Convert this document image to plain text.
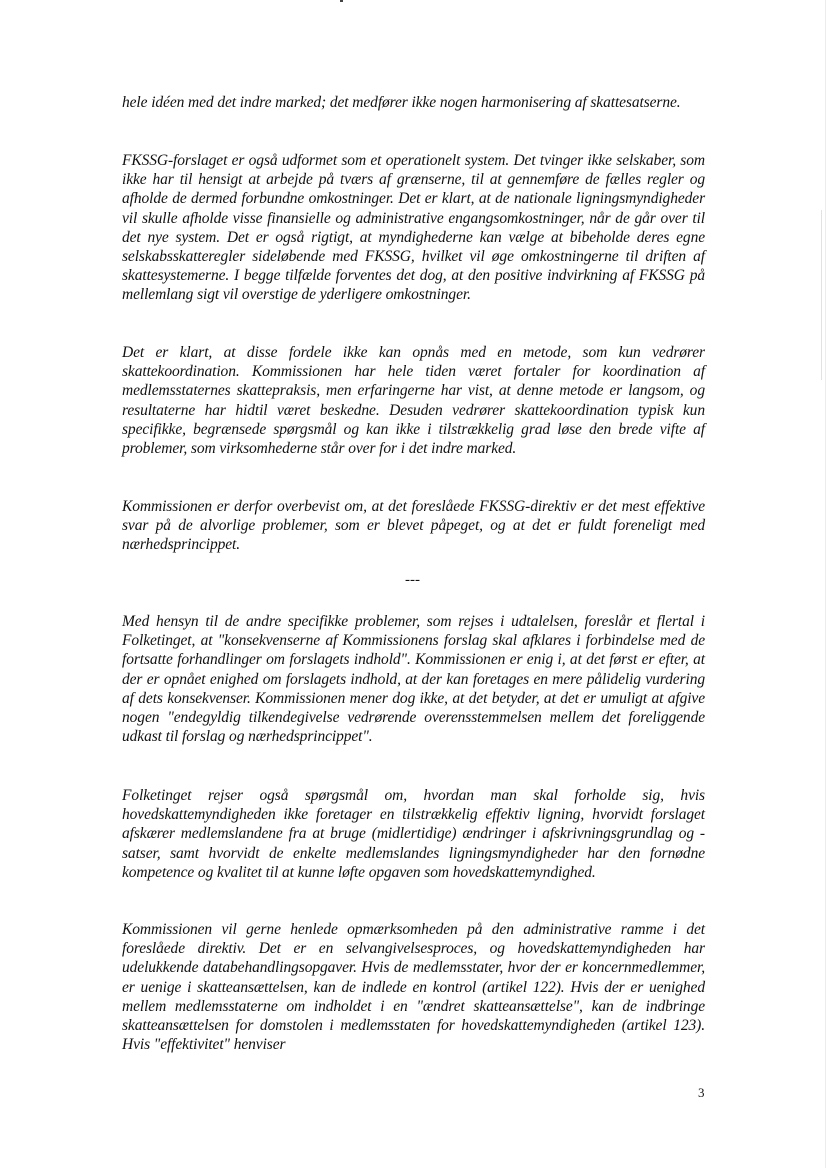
hele idéen med det indre marked; det medfører ikke nogen harmonisering af skattesatserne.

FKSSG-forslaget er også udformet som et operationelt system. Det tvinger ikke selskaber, som ikke har til hensigt at arbejde på tværs af grænserne, til at gennemføre de fælles regler og afholde de dermed forbundne omkostninger. Det er klart, at de nationale ligningsmyndigheder vil skulle afholde visse finansielle og administrative engangsomkostninger, når de går over til det nye system. Det er også rigtigt, at myndighederne kan vælge at bibeholde deres egne selskabsskatteregler sideløbende med FKSSG, hvilket vil øge omkostningerne til driften af skattesystemerne. I begge tilfælde forventes det dog, at den positive indvirkning af FKSSG på mellemlang sigt vil overstige de yderligere omkostninger.

Det er klart, at disse fordele ikke kan opnås med en metode, som kun vedrører skattekoordination. Kommissionen har hele tiden været fortaler for koordination af medlemsstaternes skattepraksis, men erfaringerne har vist, at denne metode er langsom, og resultaterne har hidtil været beskedne. Desuden vedrører skattekoordination typisk kun specifikke, begrænsede spørgsmål og kan ikke i tilstrækkelig grad løse den brede vifte af problemer, som virksomhederne står over for i det indre marked.

Kommissionen er derfor overbevist om, at det foreslåede FKSSG-direktiv er det mest effektive svar på de alvorlige problemer, som er blevet påpeget, og at det er fuldt foreneligt med nærhedsprincippet.

---

Med hensyn til de andre specifikke problemer, som rejses i udtalelsen, foreslår et flertal i Folketinget, at "konsekvenserne af Kommissionens forslag skal afklares i forbindelse med de fortsatte forhandlinger om forslagets indhold". Kommissionen er enig i, at det først er efter, at der er opnået enighed om forslagets indhold, at der kan foretages en mere pålidelig vurdering af dets konsekvenser. Kommissionen mener dog ikke, at det betyder, at det er umuligt at afgive nogen "endegyldig tilkendegivelse vedrørende overensstemmelsen mellem det foreliggende udkast til forslag og nærhedsprincippet".

Folketinget rejser også spørgsmål om, hvordan man skal forholde sig, hvis hovedskattemyndigheden ikke foretager en tilstrækkelig effektiv ligning, hvorvidt forslaget afskærer medlemslandene fra at bruge (midlertidige) ændringer i afskrivningsgrundlag og -satser, samt hvorvidt de enkelte medlemslandes ligningsmyndigheder har den fornødne kompetence og kvalitet til at kunne løfte opgaven som hovedskattemyndighed.

Kommissionen vil gerne henlede opmærksomheden på den administrative ramme i det foreslåede direktiv. Det er en selvangivelsesproces, og hovedskattemyndigheden har udelukkende databehandlingsopgaver. Hvis de medlemsstater, hvor der er koncernmedlemmer, er uenige i skatteansættelsen, kan de indlede en kontrol (artikel 122). Hvis der er uenighed mellem medlemsstaterne om indholdet i en "ændret skatteansættelse", kan de indbringe skatteansættelsen for domstolen i medlemsstaten for hovedskattemyndigheden (artikel 123). Hvis "effektivitet" henviser

3
